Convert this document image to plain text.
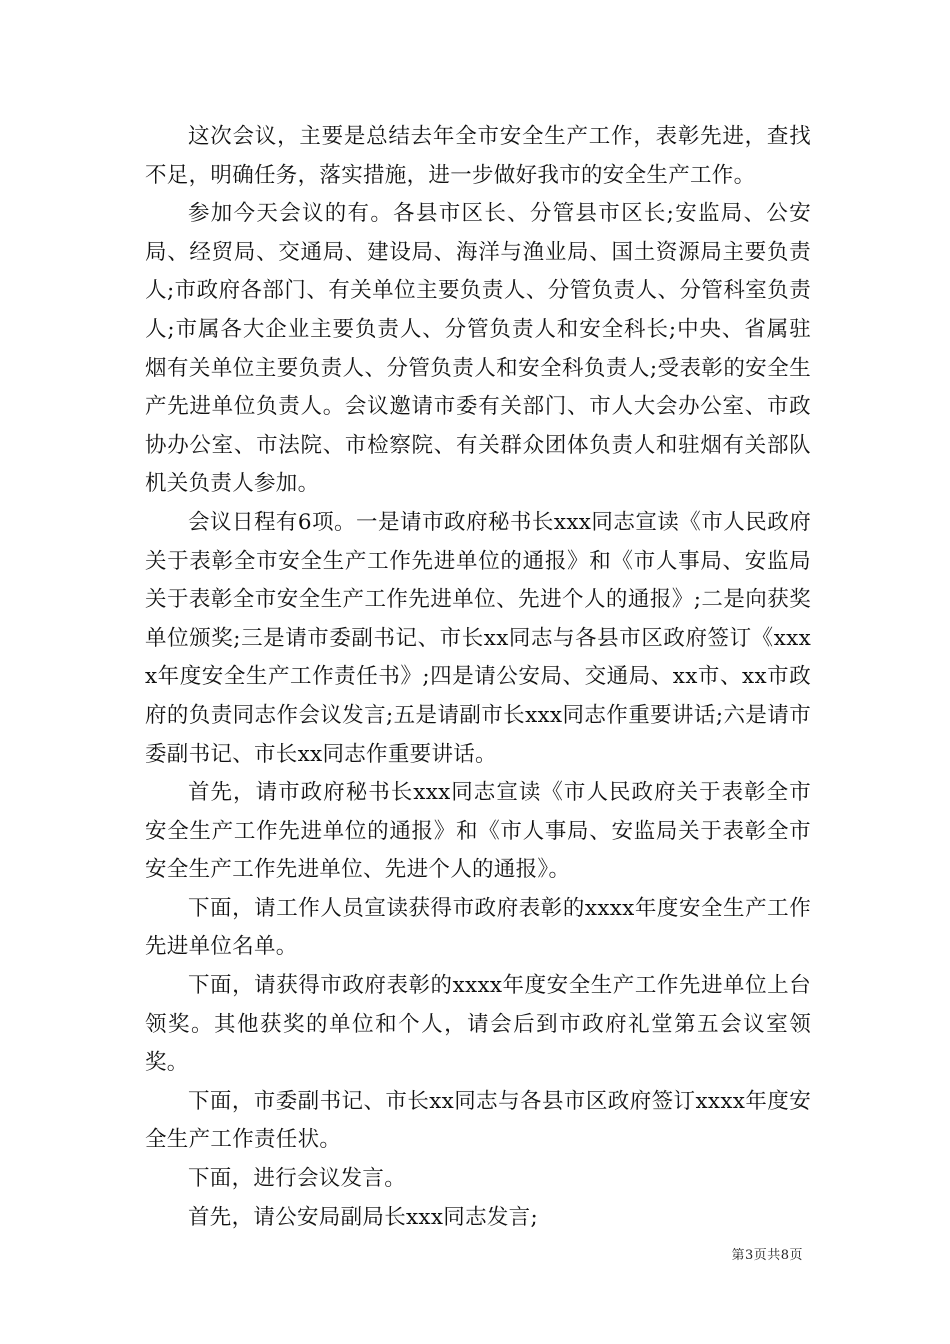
这次会议，主要是总结去年全市安全生产工作，表彰先进，查找不足，明确任务，落实措施，进一步做好我市的安全生产工作。

参加今天会议的有。各县市区长、分管县市区长;安监局、公安局、经贸局、交通局、建设局、海洋与渔业局、国土资源局主要负责人;市政府各部门、有关单位主要负责人、分管负责人、分管科室负责人;市属各大企业主要负责人、分管负责人和安全科长;中央、省属驻烟有关单位主要负责人、分管负责人和安全科负责人;受表彰的安全生产先进单位负责人。会议邀请市委有关部门、市人大会办公室、市政协办公室、市法院、市检察院、有关群众团体负责人和驻烟有关部队机关负责人参加。

会议日程有6项。一是请市政府秘书长xxx同志宣读《市人民政府关于表彰全市安全生产工作先进单位的通报》和《市人事局、安监局关于表彰全市安全生产工作先进单位、先进个人的通报》;二是向获奖单位颁奖;三是请市委副书记、市长xx同志与各县市区政府签订《xxxx年度安全生产工作责任书》;四是请公安局、交通局、xx市、xx市政府的负责同志作会议发言;五是请副市长xxx同志作重要讲话;六是请市委副书记、市长xx同志作重要讲话。

首先，请市政府秘书长xxx同志宣读《市人民政府关于表彰全市安全生产工作先进单位的通报》和《市人事局、安监局关于表彰全市安全生产工作先进单位、先进个人的通报》。

下面，请工作人员宣读获得市政府表彰的xxxx年度安全生产工作先进单位名单。

下面，请获得市政府表彰的xxxx年度安全生产工作先进单位上台领奖。其他获奖的单位和个人，请会后到市政府礼堂第五会议室领奖。

下面，市委副书记、市长xx同志与各县市区政府签订xxxx年度安全生产工作责任状。

下面，进行会议发言。

首先，请公安局副局长xxx同志发言;

第3页共8页
